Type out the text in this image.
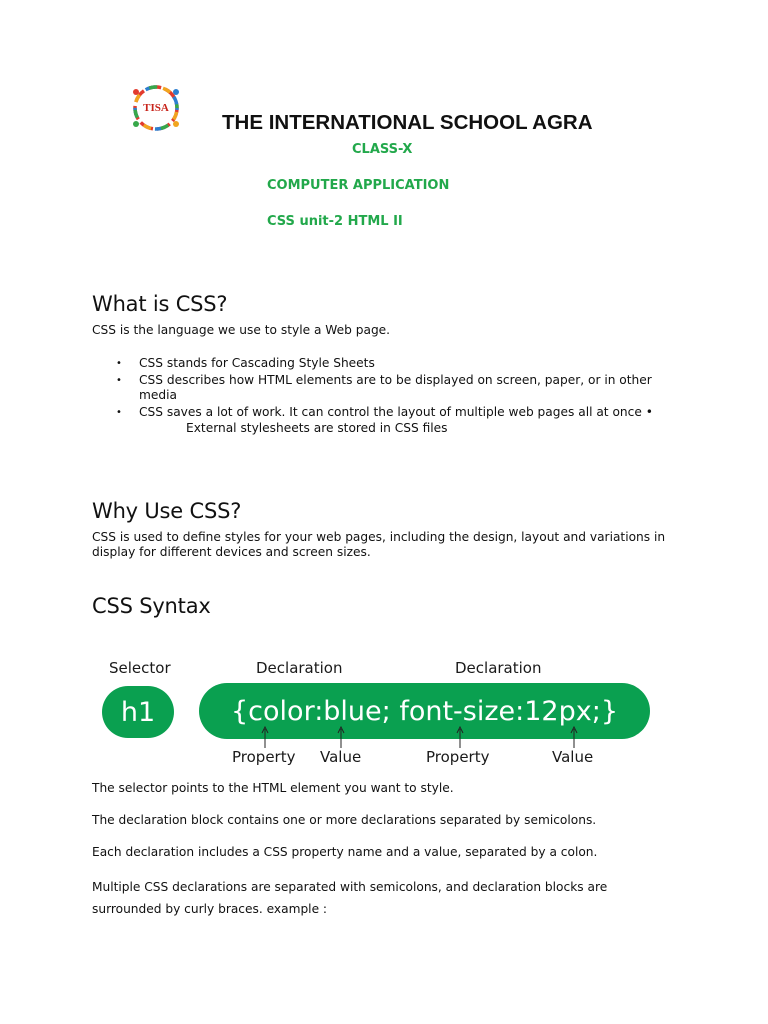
TISA
THE INTERNATIONAL SCHOOL AGRA
CLASS-X
COMPUTER APPLICATION
CSS unit-2 HTML II
What is CSS?
CSS is the language we use to style a Web page.
• CSS stands for Cascading Style Sheets
• CSS describes how HTML elements are to be displayed on screen, paper, or in other media
• CSS saves a lot of work. It can control the layout of multiple web pages all at once •
External stylesheets are stored in CSS files
Why Use CSS?
CSS is used to define styles for your web pages, including the design, layout and variations in display for different devices and screen sizes.
CSS Syntax
Selector	Declaration	Declaration
h1	{color:blue; font-size:12px;}
Property Value	Property	Value
The selector points to the HTML element you want to style.
The declaration block contains one or more declarations separated by semicolons.
Each declaration includes a CSS property name and a value, separated by a colon.
Multiple CSS declarations are separated with semicolons, and declaration blocks are surrounded by curly braces. example :
